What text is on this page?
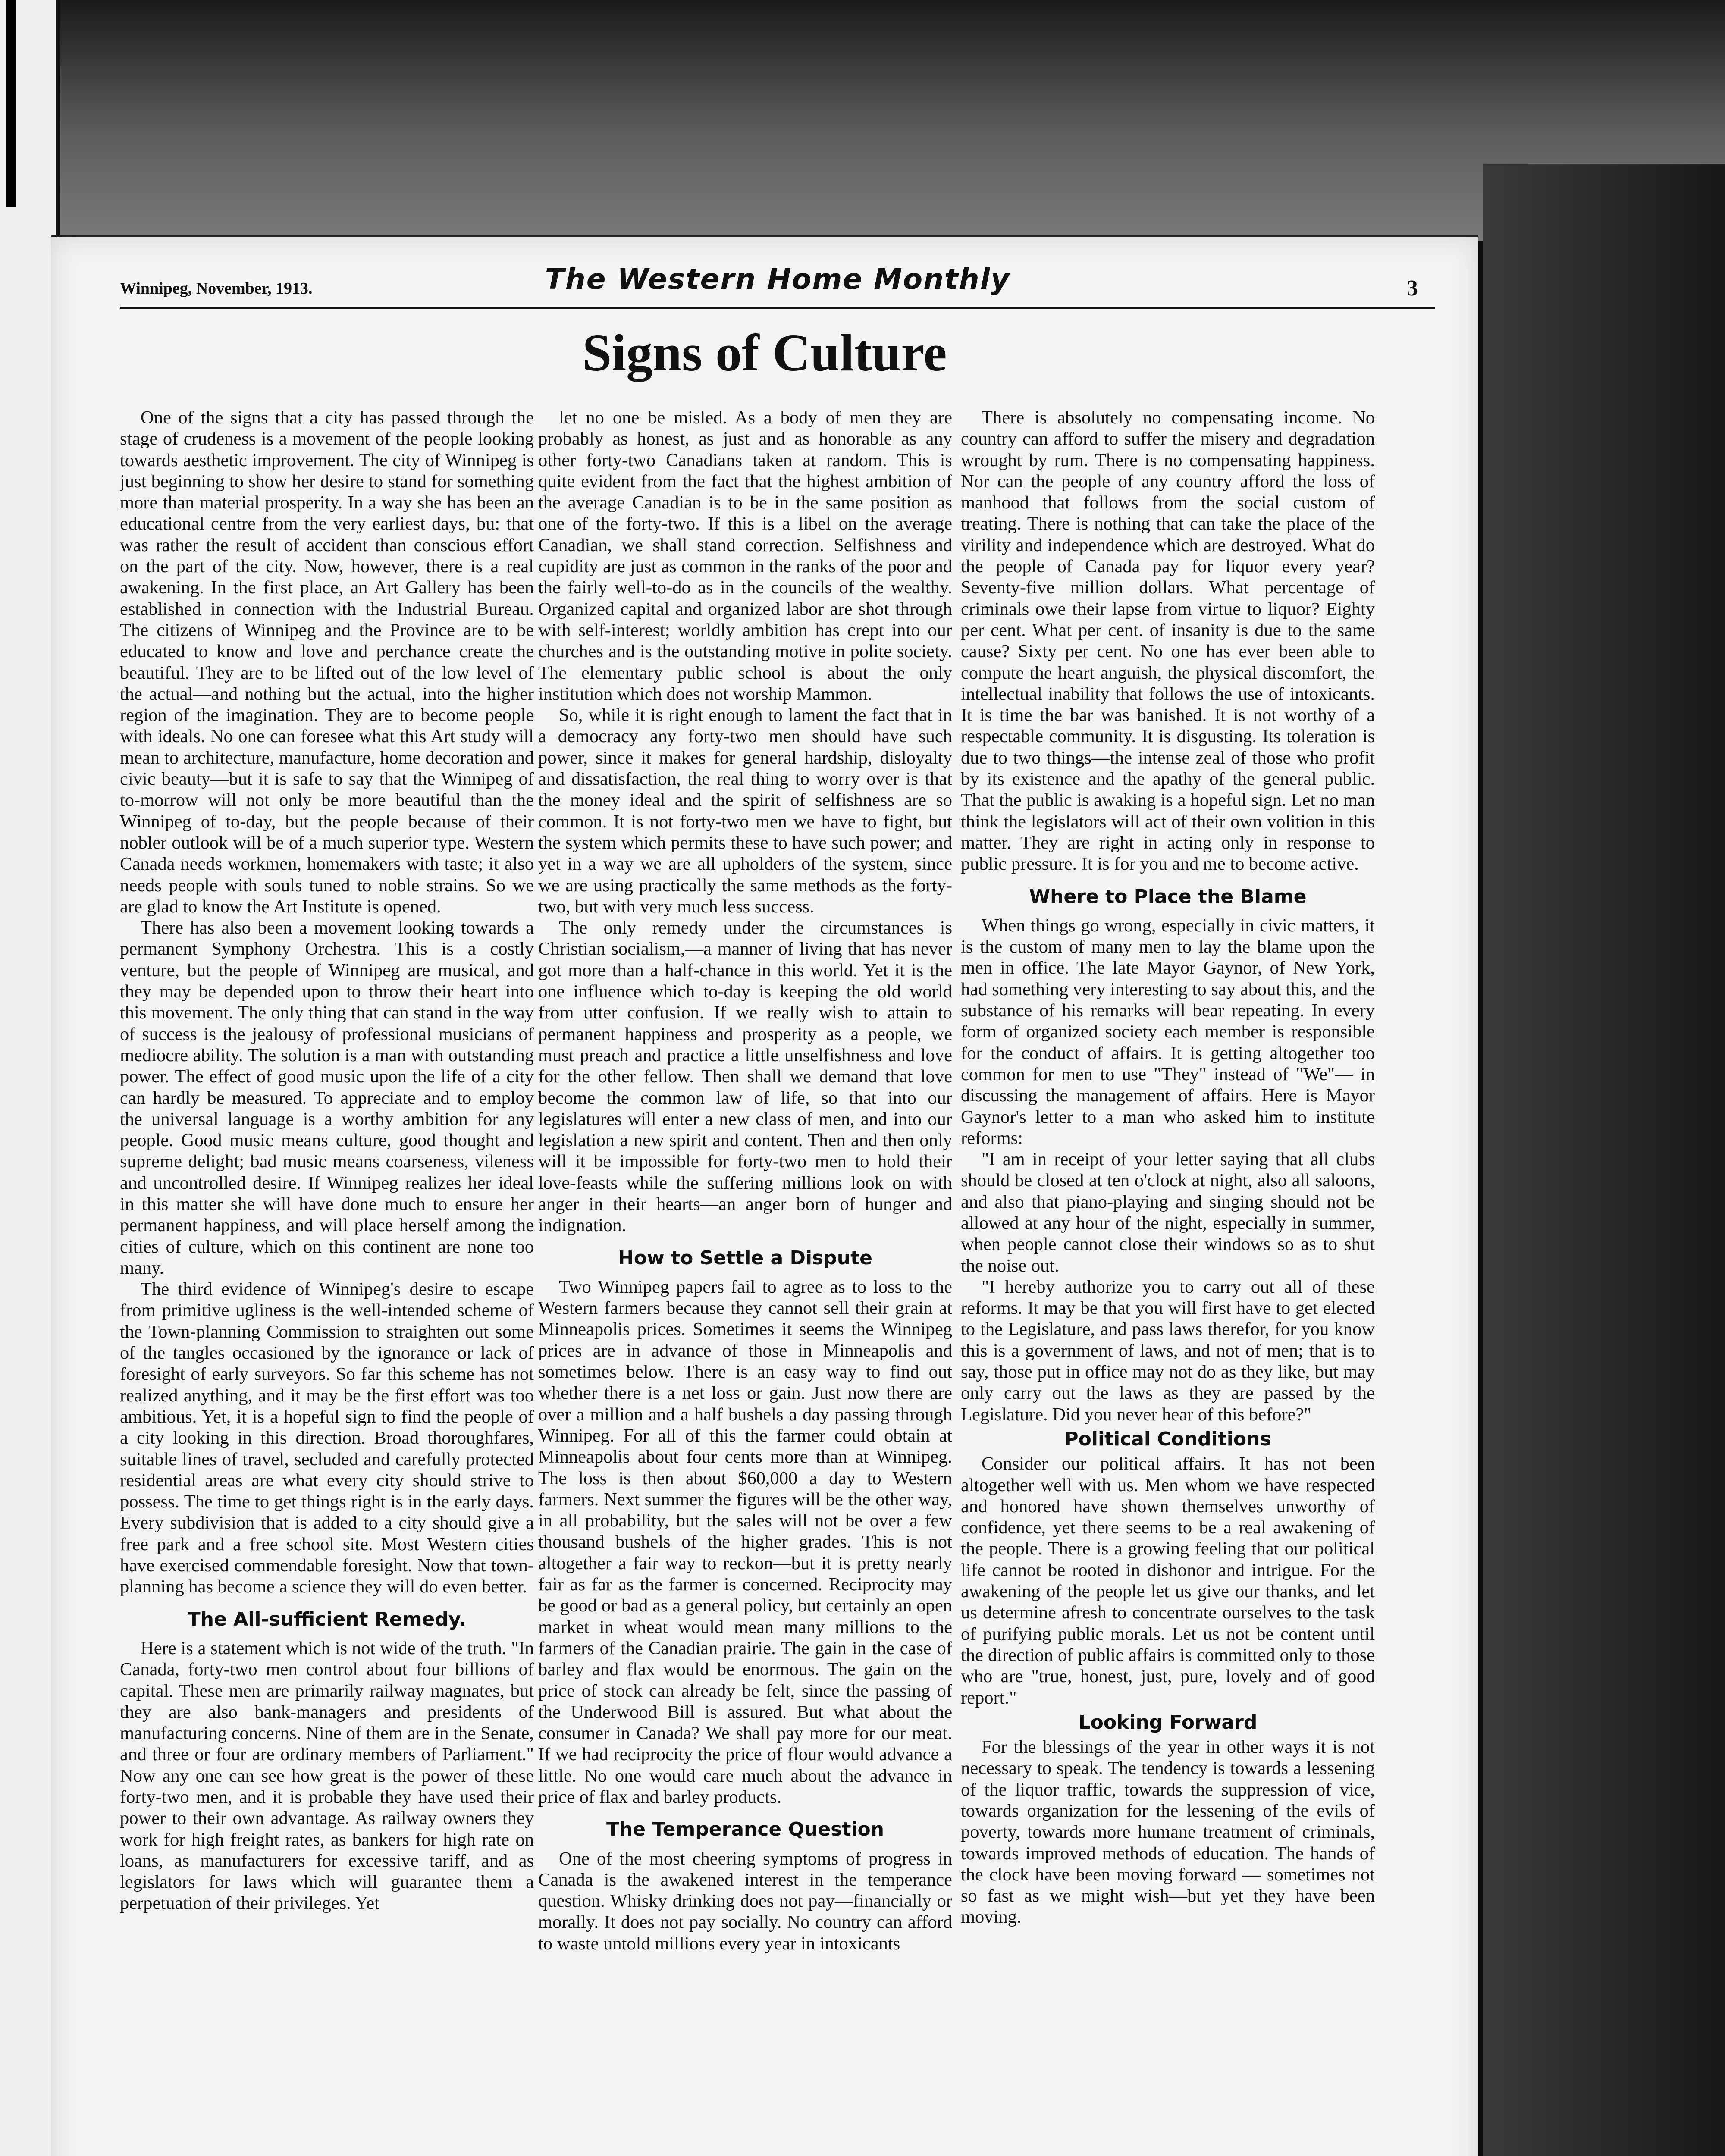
Winnipeg, November, 1913.	The Western Home Monthly	3
Signs of Culture

One of the signs that a city has passed through the stage of crudeness is a movement of the people looking towards aesthetic improvement. The city of Winnipeg is just beginning to show her desire to stand for something more than material prosperity. In a way she has been an educational centre from the very earliest days, bu: that was rather the result of accident than conscious effort on the part of the city. Now, however, there is a real awakening. In the first place, an Art Gallery has been established in connection with the Industrial Bureau. The citizens of Winnipeg and the Province are to be educated to know and love and perchance create the beautiful. They are to be lifted out of the low level of the actual—and nothing but the actual, into the higher region of the imagination. They are to become people with ideals. No one can foresee what this Art study will mean to architecture, manufacture, home decoration and civic beauty—but it is safe to say that the Winnipeg of to-morrow will not only be more beautiful than the Winnipeg of to-day, but the people because of their nobler outlook will be of a much superior type. Western Canada needs workmen, homemakers with taste; it also needs people with souls tuned to noble strains. So we are glad to know the Art Institute is opened.

There has also been a movement looking towards a permanent Symphony Orchestra. This is a costly venture, but the people of Winnipeg are musical, and they may be depended upon to throw their heart into this movement. The only thing that can stand in the way of success is the jealousy of professional musicians of mediocre ability. The solution is a man with outstanding power. The effect of good music upon the life of a city can hardly be measured. To appreciate and to employ the universal language is a worthy ambition for any people. Good music means culture, good thought and supreme delight; bad music means coarseness, vileness and uncontrolled desire. If Winnipeg realizes her ideal in this matter she will have done much to ensure her permanent happiness, and will place herself among the cities of culture, which on this continent are none too many.

The third evidence of Winnipeg's desire to escape from primitive ugliness is the well-intended scheme of the Town-planning Commission to straighten out some of the tangles occasioned by the ignorance or lack of foresight of early surveyors. So far this scheme has not realized anything, and it may be the first effort was too ambitious. Yet, it is a hopeful sign to find the people of a city looking in this direction. Broad thoroughfares, suitable lines of travel, secluded and carefully protected residential areas are what every city should strive to possess. The time to get things right is in the early days. Every subdivision that is added to a city should give a free park and a free school site. Most Western cities have exercised commendable foresight. Now that town-planning has become a science they will do even better.

The All-sufficient Remedy.

Here is a statement which is not wide of the truth. "In Canada, forty-two men control about four billions of capital. These men are primarily railway magnates, but they are also bank-managers and presidents of manufacturing concerns. Nine of them are in the Senate, and three or four are ordinary members of Parliament." Now any one can see how great is the power of these forty-two men, and it is probable they have used their power to their own advantage. As railway owners they work for high freight rates, as bankers for high rate on loans, as manufacturers for excessive tariff, and as legislators for laws which will guarantee them a perpetuation of their privileges. Yet

let no one be misled. As a body of men they are probably as honest, as just and as honorable as any other forty-two Canadians taken at random. This is quite evident from the fact that the highest ambition of the average Canadian is to be in the same position as one of the forty-two. If this is a libel on the average Canadian, we shall stand correction. Selfishness and cupidity are just as common in the ranks of the poor and the fairly well-to-do as in the councils of the wealthy. Organized capital and organized labor are shot through with self-interest; worldly ambition has crept into our churches and is the outstanding motive in polite society. The elementary public school is about the only institution which does not worship Mammon.

So, while it is right enough to lament the fact that in a democracy any forty-two men should have such power, since it makes for general hardship, disloyalty and dissatisfaction, the real thing to worry over is that the money ideal and the spirit of selfishness are so common. It is not forty-two men we have to fight, but the system which permits these to have such power; and yet in a way we are all upholders of the system, since we are using practically the same methods as the forty-two, but with very much less success.

The only remedy under the circumstances is Christian socialism,—a manner of living that has never got more than a half-chance in this world. Yet it is the one influence which to-day is keeping the old world from utter confusion. If we really wish to attain to permanent happiness and prosperity as a people, we must preach and practice a little unselfishness and love for the other fellow. Then shall we demand that love become the common law of life, so that into our legislatures will enter a new class of men, and into our legislation a new spirit and content. Then and then only will it be impossible for forty-two men to hold their love-feasts while the suffering millions look on with anger in their hearts—an anger born of hunger and indignation.

How to Settle a Dispute

Two Winnipeg papers fail to agree as to loss to the Western farmers because they cannot sell their grain at Minneapolis prices. Sometimes it seems the Winnipeg prices are in advance of those in Minneapolis and sometimes below. There is an easy way to find out whether there is a net loss or gain. Just now there are over a million and a half bushels a day passing through Winnipeg. For all of this the farmer could obtain at Minneapolis about four cents more than at Winnipeg. The loss is then about $60,000 a day to Western farmers. Next summer the figures will be the other way, in all probability, but the sales will not be over a few thousand bushels of the higher grades. This is not altogether a fair way to reckon—but it is pretty nearly fair as far as the farmer is concerned. Reciprocity may be good or bad as a general policy, but certainly an open market in wheat would mean many millions to the farmers of the Canadian prairie. The gain in the case of barley and flax would be enormous. The gain on the price of stock can already be felt, since the passing of the Underwood Bill is assured. But what about the consumer in Canada? We shall pay more for our meat. If we had reciprocity the price of flour would advance a little. No one would care much about the advance in price of flax and barley products.

The Temperance Question

One of the most cheering symptoms of progress in Canada is the awakened interest in the temperance question. Whisky drinking does not pay—financially or morally. It does not pay socially. No country can afford to waste untold millions every year in intoxicants

There is absolutely no compensating income. No country can afford to suffer the misery and degradation wrought by rum. There is no compensating happiness. Nor can the people of any country afford the loss of manhood that follows from the social custom of treating. There is nothing that can take the place of the virility and independence which are destroyed. What do the people of Canada pay for liquor every year? Seventy-five million dollars. What percentage of criminals owe their lapse from virtue to liquor? Eighty per cent. What per cent. of insanity is due to the same cause? Sixty per cent. No one has ever been able to compute the heart anguish, the physical discomfort, the intellectual inability that follows the use of intoxicants. It is time the bar was banished. It is not worthy of a respectable community. It is disgusting. Its toleration is due to two things—the intense zeal of those who profit by its existence and the apathy of the general public. That the public is awaking is a hopeful sign. Let no man think the legislators will act of their own volition in this matter. They are right in acting only in response to public pressure. It is for you and me to become active.

Where to Place the Blame

When things go wrong, especially in civic matters, it is the custom of many men to lay the blame upon the men in office. The late Mayor Gaynor, of New York, had something very interesting to say about this, and the substance of his remarks will bear repeating. In every form of organized society each member is responsible for the conduct of affairs. It is getting altogether too common for men to use "They" instead of "We"— in discussing the management of affairs. Here is Mayor Gaynor's letter to a man who asked him to institute reforms:

"I am in receipt of your letter saying that all clubs should be closed at ten o'clock at night, also all saloons, and also that piano-playing and singing should not be allowed at any hour of the night, especially in summer, when people cannot close their windows so as to shut the noise out.

"I hereby authorize you to carry out all of these reforms. It may be that you will first have to get elected to the Legislature, and pass laws therefor, for you know this is a government of laws, and not of men; that is to say, those put in office may not do as they like, but may only carry out the laws as they are passed by the Legislature. Did you never hear of this before?"

Political Conditions

Consider our political affairs. It has not been altogether well with us. Men whom we have respected and honored have shown themselves unworthy of confidence, yet there seems to be a real awakening of the people. There is a growing feeling that our political life cannot be rooted in dishonor and intrigue. For the awakening of the people let us give our thanks, and let us determine afresh to concentrate ourselves to the task of purifying public morals. Let us not be content until the direction of public affairs is committed only to those who are "true, honest, just, pure, lovely and of good report."

Looking Forward

For the blessings of the year in other ways it is not necessary to speak. The tendency is towards a lessening of the liquor traffic, towards the suppression of vice, towards organization for the lessening of the evils of poverty, towards more humane treatment of criminals, towards improved methods of education. The hands of the clock have been moving forward — sometimes not so fast as we might wish—but yet they have been moving.
